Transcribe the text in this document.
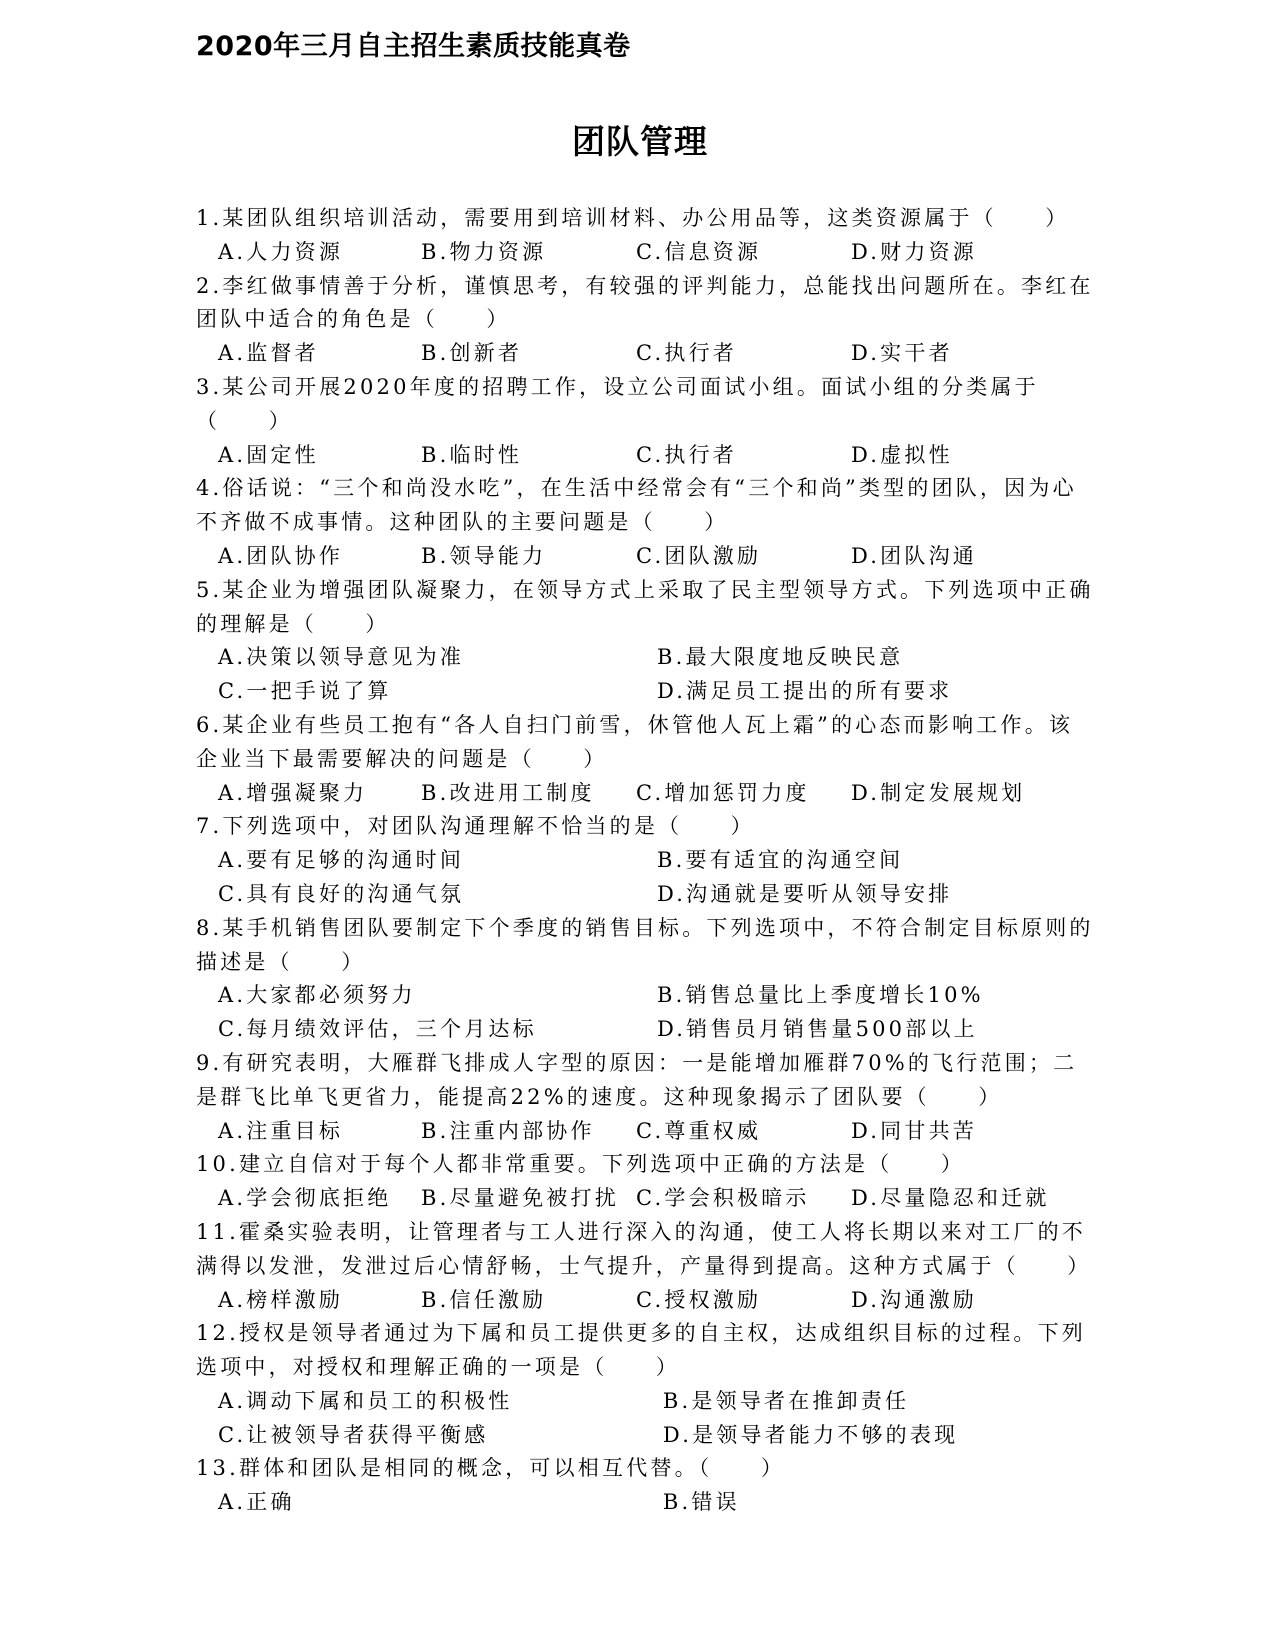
2020年三月自主招生素质技能真卷
团队管理
1.某团队组织培训活动，需要用到培训材料、办公用品等，这类资源属于（　　）
A.人力资源	B.物力资源	C.信息资源	D.财力资源
2.李红做事情善于分析，谨慎思考，有较强的评判能力，总能找出问题所在。李红在团队中适合的角色是（　　）
A.监督者	B.创新者	C.执行者	D.实干者
3.某公司开展2020年度的招聘工作，设立公司面试小组。面试小组的分类属于（　　）
A.固定性	B.临时性	C.执行者	D.虚拟性
4.俗话说：“三个和尚没水吃”，在生活中经常会有“三个和尚”类型的团队，因为心不齐做不成事情。这种团队的主要问题是（　　）
A.团队协作	B.领导能力	C.团队激励	D.团队沟通
5.某企业为增强团队凝聚力，在领导方式上采取了民主型领导方式。下列选项中正确的理解是（　　）
A.决策以领导意见为准	B.最大限度地反映民意
C.一把手说了算	D.满足员工提出的所有要求
6.某企业有些员工抱有“各人自扫门前雪，休管他人瓦上霜”的心态而影响工作。该企业当下最需要解决的问题是（　　）
A.增强凝聚力	B.改进用工制度	C.增加惩罚力度	D.制定发展规划
7.下列选项中，对团队沟通理解不恰当的是（　　）
A.要有足够的沟通时间	B.要有适宜的沟通空间
C.具有良好的沟通气氛	D.沟通就是要听从领导安排
8.某手机销售团队要制定下个季度的销售目标。下列选项中，不符合制定目标原则的描述是（　　）
A.大家都必须努力	B.销售总量比上季度增长10%
C.每月绩效评估，三个月达标	D.销售员月销售量500部以上
9.有研究表明，大雁群飞排成人字型的原因：一是能增加雁群70%的飞行范围；二是群飞比单飞更省力，能提高22%的速度。这种现象揭示了团队要（　　）
A.注重目标	B.注重内部协作	C.尊重权威	D.同甘共苦
10.建立自信对于每个人都非常重要。下列选项中正确的方法是（　　）
A.学会彻底拒绝	B.尽量避免被打扰 C.学会积极暗示	D.尽量隐忍和迁就
11.霍桑实验表明，让管理者与工人进行深入的沟通，使工人将长期以来对工厂的不满得以发泄，发泄过后心情舒畅，士气提升，产量得到提高。这种方式属于（　　）
A.榜样激励	B.信任激励	C.授权激励	D.沟通激励
12.授权是领导者通过为下属和员工提供更多的自主权，达成组织目标的过程。下列选项中，对授权和理解正确的一项是（　　）
A.调动下属和员工的积极性	B.是领导者在推卸责任
C.让被领导者获得平衡感	D.是领导者能力不够的表现
13.群体和团队是相同的概念，可以相互代替。（　　）
A.正确	B.错误
